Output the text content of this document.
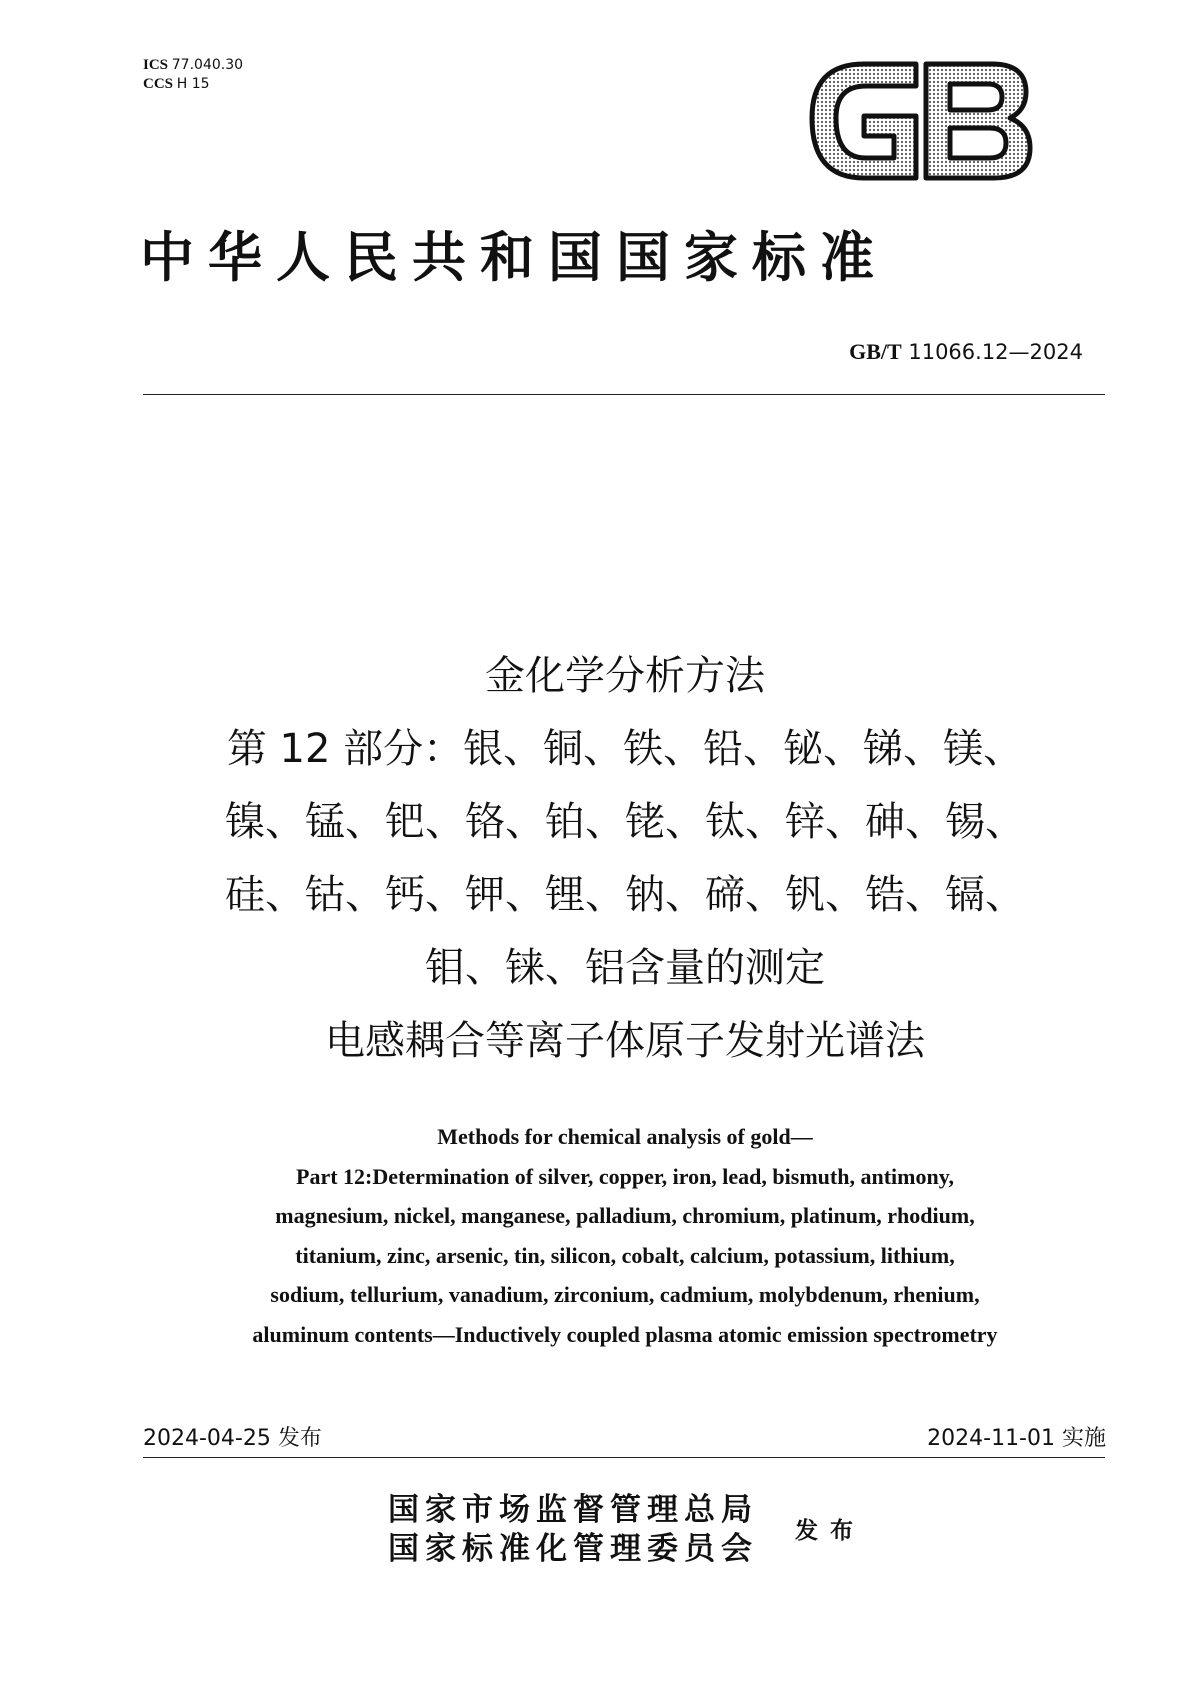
ICS 77.040.30
CCS H 15
中华人民共和国国家标准
GB/T 11066.12—2024
金化学分析方法
第 12 部分：银、铜、铁、铅、铋、锑、镁、
镍、锰、钯、铬、铂、铑、钛、锌、砷、锡、
硅、钴、钙、钾、锂、钠、碲、钒、锆、镉、
钼、铼、铝含量的测定
电感耦合等离子体原子发射光谱法
Methods for chemical analysis of gold—
Part 12:Determination of silver, copper, iron, lead, bismuth, antimony,
magnesium, nickel, manganese, palladium, chromium, platinum, rhodium,
titanium, zinc, arsenic, tin, silicon, cobalt, calcium, potassium, lithium,
sodium, tellurium, vanadium, zirconium, cadmium, molybdenum, rhenium,
aluminum contents—Inductively coupled plasma atomic emission spectrometry
2024-04-25 发布	2024-11-01 实施
国家市场监督管理总局
国家标准化管理委员会
发布
